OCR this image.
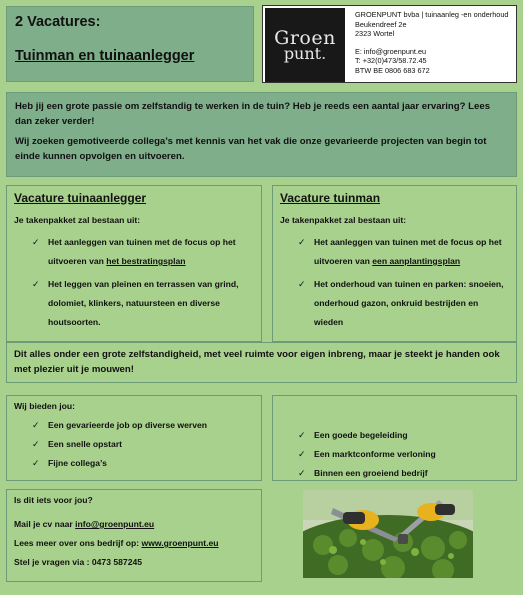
2 Vacatures:
Tuinman en tuinaanlegger
Groen
punt.
GROENPUNT bvba | tuinaanleg -en onderhoud
Beukendreef 2e
2323 Wortel
E: info@groenpunt.eu
T: +32(0)473/58.72.45
BTW BE 0806 683 672

Heb jij een grote passie om zelfstandig te werken in de tuin? Heb je reeds een aantal jaar ervaring? Lees dan zeker verder!

Wij zoeken gemotiveerde collega’s met kennis van het vak die onze gevarieerde projecten van begin tot einde kunnen opvolgen en uitvoeren.

Vacature tuinaanlegger
Je takenpakket zal bestaan uit:
✓ Het aanleggen van tuinen met de focus op het uitvoeren van het bestratingsplan
✓ Het leggen van pleinen en terrassen van grind, dolomiet, klinkers, natuursteen en diverse houtsoorten.
Vacature tuinman
Je takenpakket zal bestaan uit:
✓ Het aanleggen van tuinen met de focus op het uitvoeren van een aanplantingsplan
✓ Het onderhoud van tuinen en parken: snoeien, onderhoud gazon, onkruid bestrijden en wieden
Dit alles onder een grote zelfstandigheid, met veel ruimte voor eigen inbreng, maar je steekt je handen ook met plezier uit je mouwen!
Wij bieden jou:
✓ Een gevarieerde job op diverse werven
✓ Een snelle opstart
✓ Fijne collega’s
✓ Een goede begeleiding
✓ Een marktconforme verloning
✓ Binnen een groeiend bedrijf
Is dit iets voor jou?
Mail je cv naar info@groenpunt.eu
Lees meer over ons bedrijf op: www.groenpunt.eu
Stel je vragen via : 0473 587245
